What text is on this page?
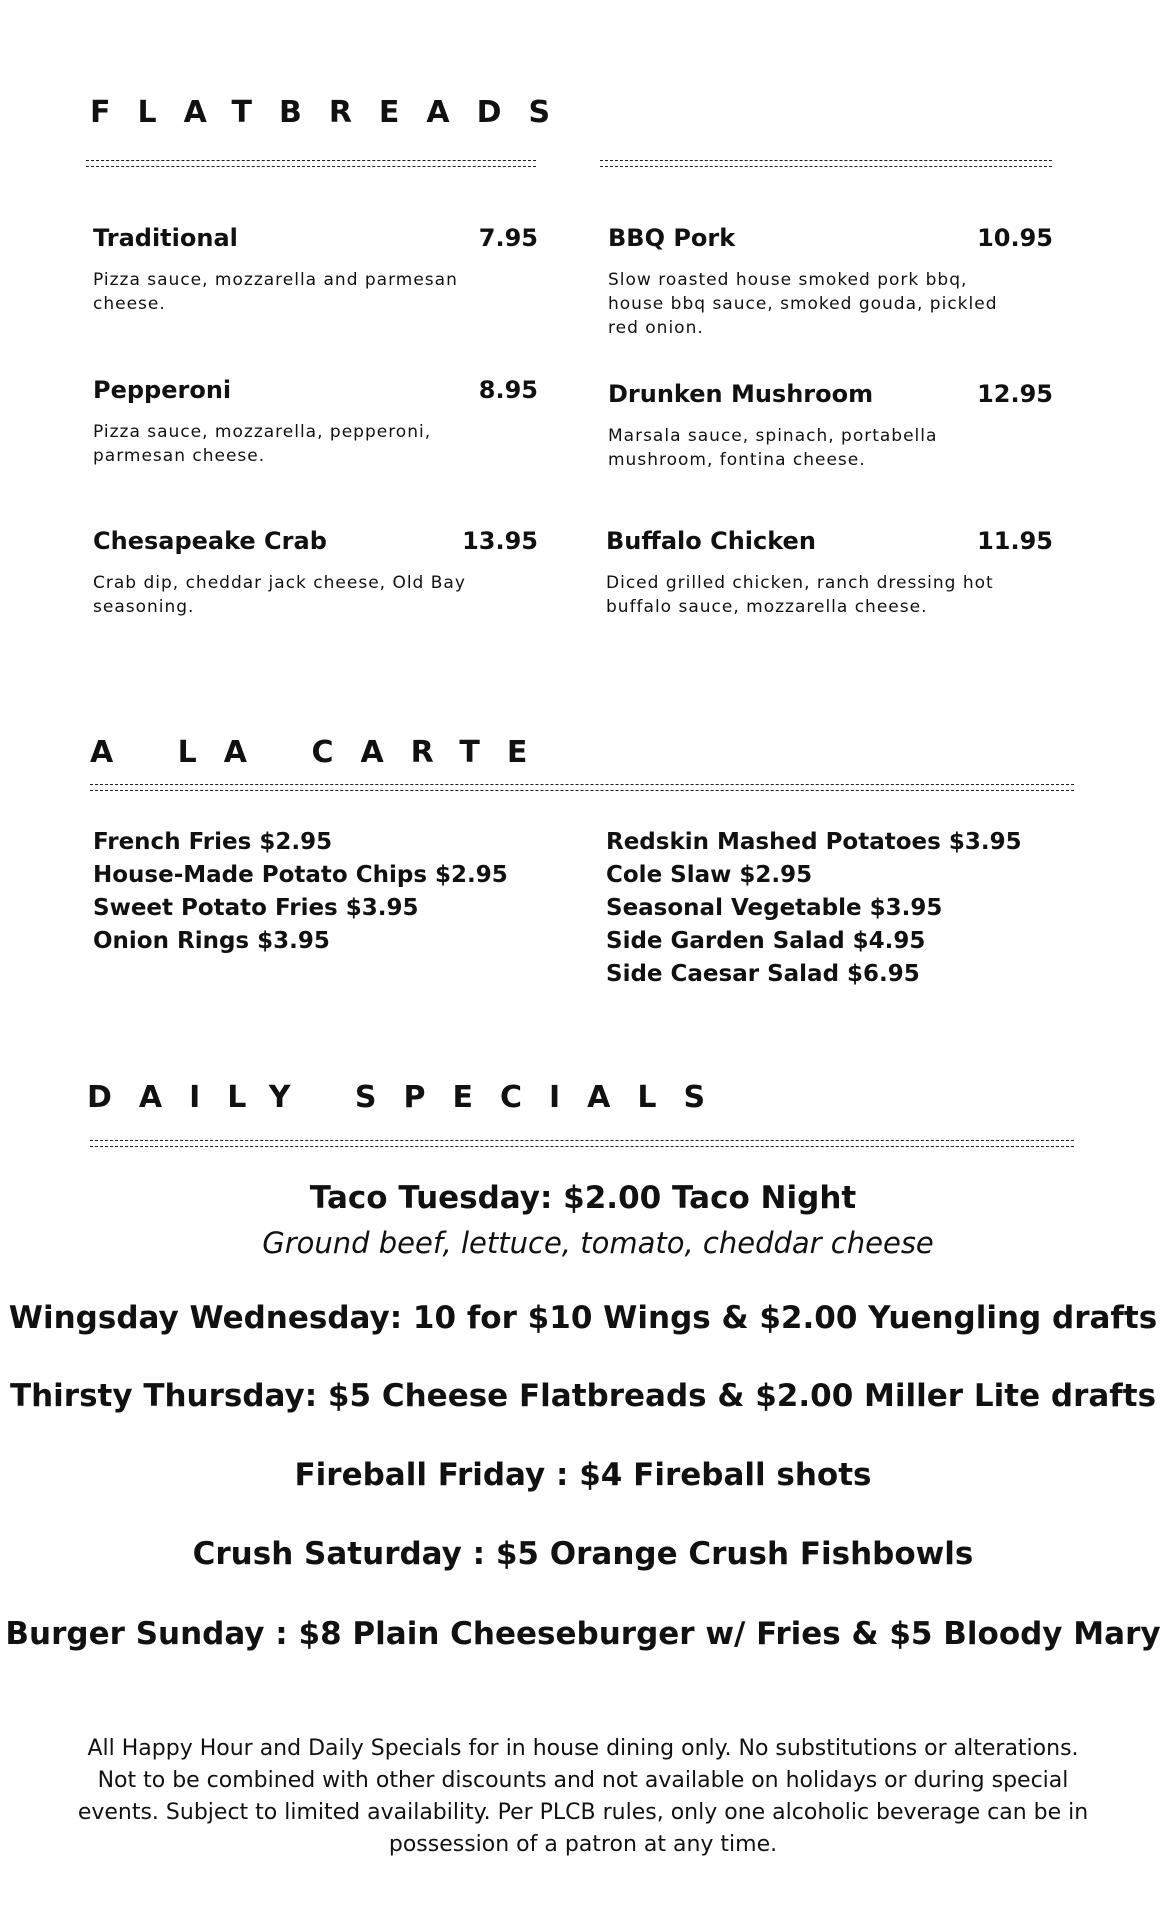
FLATBREADS
Traditional	7.95
Pizza sauce, mozzarella and parmesan cheese.
BBQ Pork	10.95
Slow roasted house smoked pork bbq, house bbq sauce, smoked gouda, pickled red onion.
Pepperoni	8.95
Pizza sauce, mozzarella, pepperoni, parmesan cheese.
Drunken Mushroom	12.95
Marsala sauce, spinach, portabella mushroom, fontina cheese.
Chesapeake Crab	13.95
Crab dip, cheddar jack cheese, Old Bay seasoning.
Buffalo Chicken	11.95
Diced grilled chicken, ranch dressing hot buffalo sauce, mozzarella cheese.
A LA CARTE
French Fries $2.95
House-Made Potato Chips $2.95
Sweet Potato Fries $3.95
Onion Rings $3.95
Redskin Mashed Potatoes $3.95
Cole Slaw $2.95
Seasonal Vegetable $3.95
Side Garden Salad $4.95
Side Caesar Salad $6.95
DAILY SPECIALS
Taco Tuesday: $2.00 Taco Night
Ground beef, lettuce, tomato, cheddar cheese
Wingsday Wednesday: 10 for $10 Wings & $2.00 Yuengling drafts
Thirsty Thursday: $5 Cheese Flatbreads & $2.00 Miller Lite drafts
Fireball Friday : $4 Fireball shots
Crush Saturday : $5 Orange Crush Fishbowls
Burger Sunday : $8 Plain Cheeseburger w/ Fries & $5 Bloody Mary
All Happy Hour and Daily Specials for in house dining only. No substitutions or alterations. Not to be combined with other discounts and not available on holidays or during special events. Subject to limited availability. Per PLCB rules, only one alcoholic beverage can be in possession of a patron at any time.
